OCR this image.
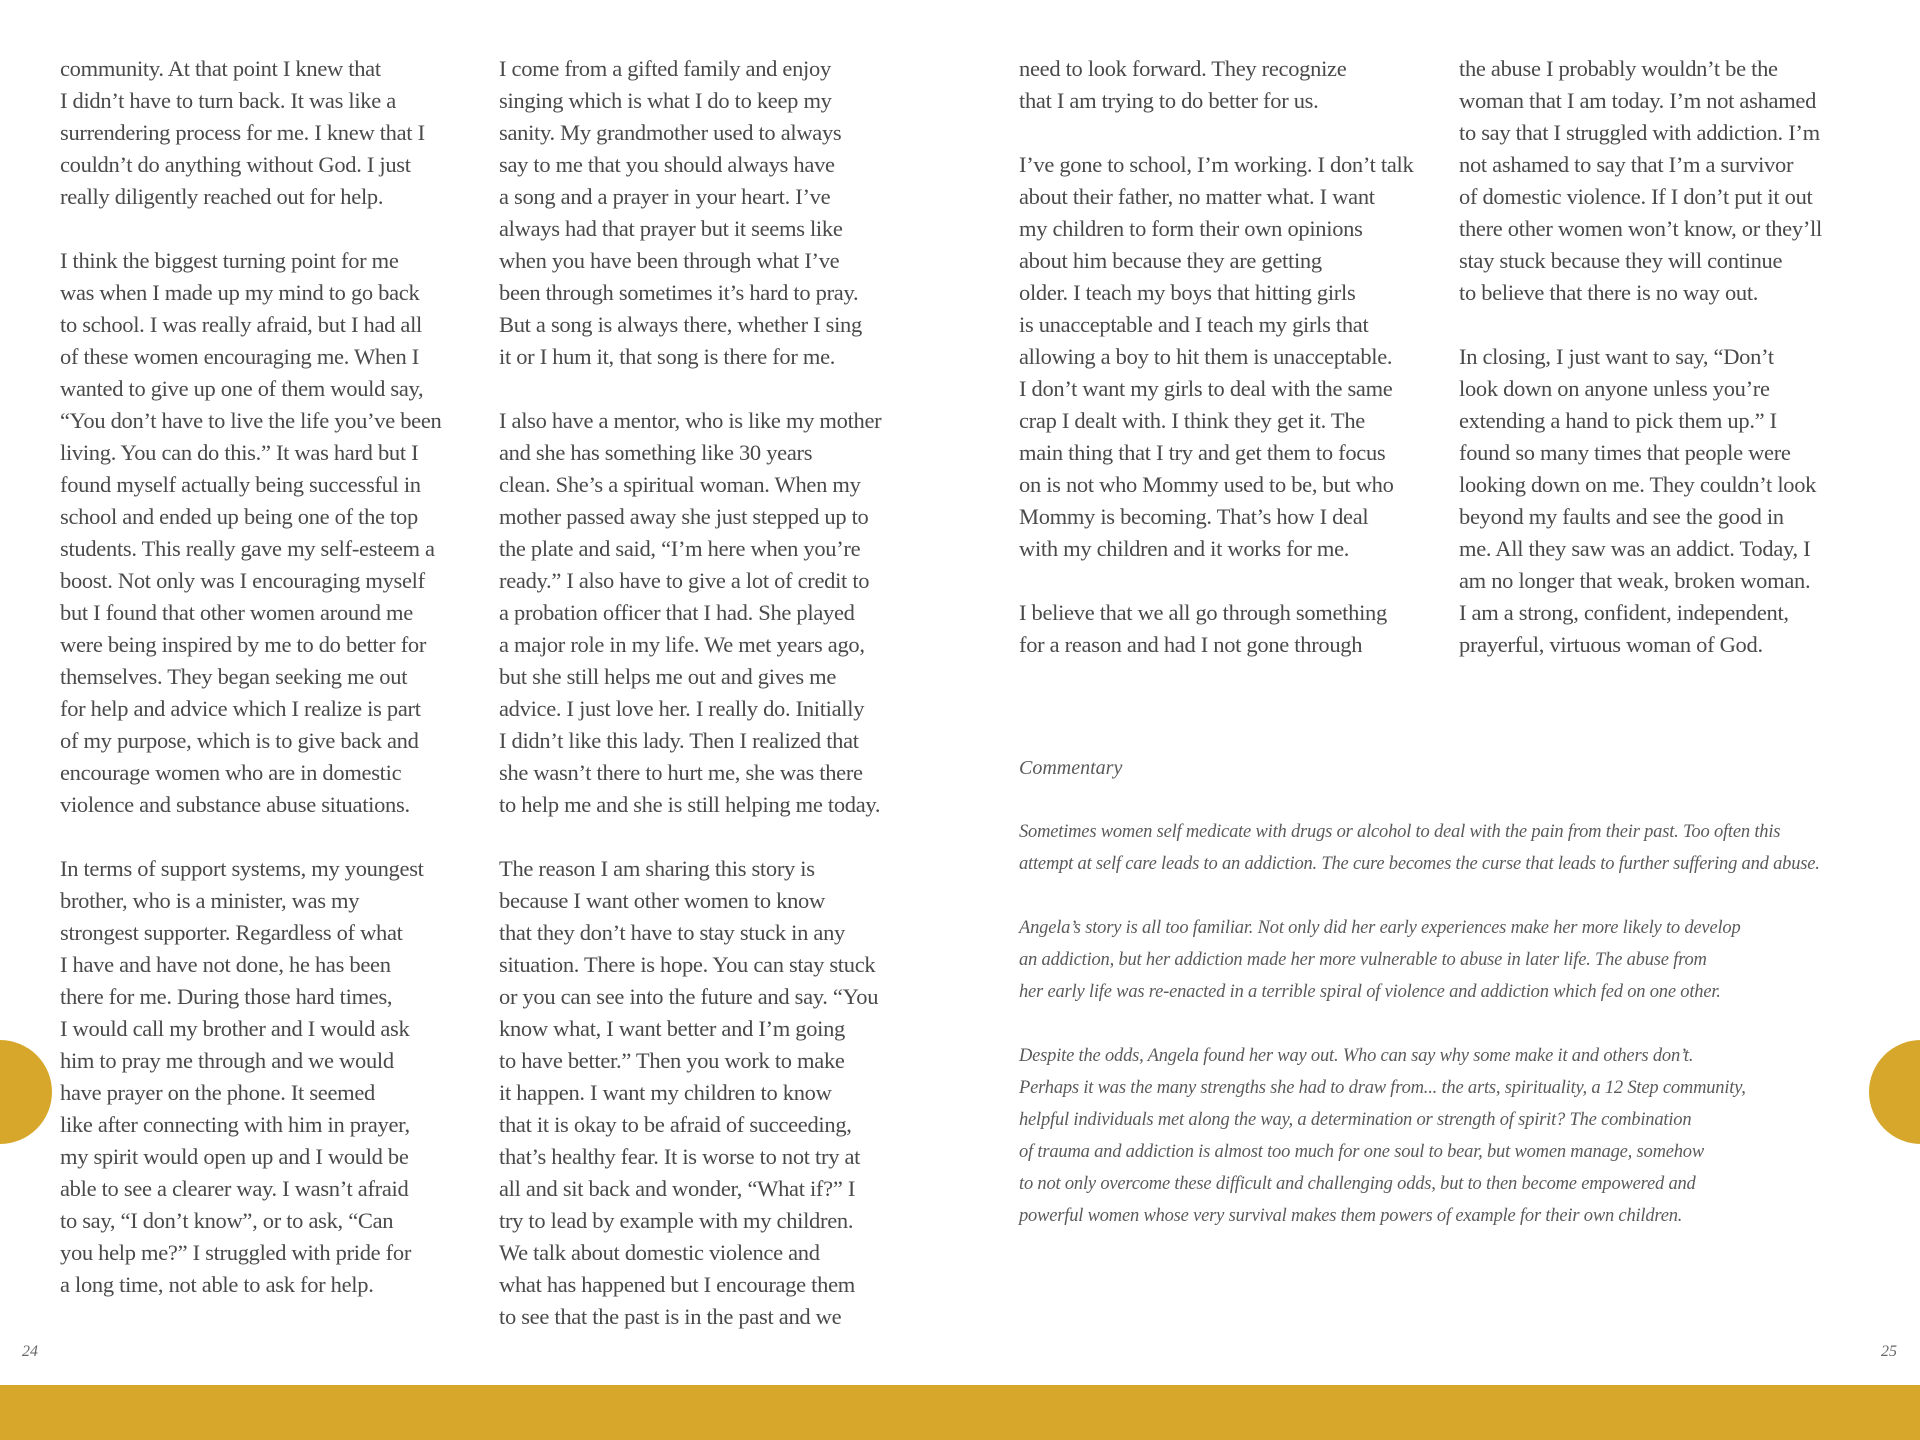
community. At that point I knew that
I didn’t have to turn back. It was like a
surrendering process for me. I knew that I
couldn’t do anything without God. I just
really diligently reached out for help.

I think the biggest turning point for me
was when I made up my mind to go back
to school. I was really afraid, but I had all
of these women encouraging me. When I
wanted to give up one of them would say,
“You don’t have to live the life you’ve been
living. You can do this.” It was hard but I
found myself actually being successful in
school and ended up being one of the top
students. This really gave my self-esteem a
boost. Not only was I encouraging myself
but I found that other women around me
were being inspired by me to do better for
themselves. They began seeking me out
for help and advice which I realize is part
of my purpose, which is to give back and
encourage women who are in domestic
violence and substance abuse situations.

In terms of support systems, my youngest
brother, who is a minister, was my
strongest supporter. Regardless of what
I have and have not done, he has been
there for me. During those hard times,
I would call my brother and I would ask
him to pray me through and we would
have prayer on the phone. It seemed
like after connecting with him in prayer,
my spirit would open up and I would be
able to see a clearer way. I wasn’t afraid
to say, “I don’t know”, or to ask, “Can
you help me?” I struggled with pride for
a long time, not able to ask for help.

I come from a gifted family and enjoy
singing which is what I do to keep my
sanity. My grandmother used to always
say to me that you should always have
a song and a prayer in your heart. I’ve
always had that prayer but it seems like
when you have been through what I’ve
been through sometimes it’s hard to pray.
But a song is always there, whether I sing
it or I hum it, that song is there for me.

I also have a mentor, who is like my mother
and she has something like 30 years
clean. She’s a spiritual woman. When my
mother passed away she just stepped up to
the plate and said, “I’m here when you’re
ready.” I also have to give a lot of credit to
a probation officer that I had. She played
a major role in my life. We met years ago,
but she still helps me out and gives me
advice. I just love her. I really do. Initially
I didn’t like this lady. Then I realized that
she wasn’t there to hurt me, she was there
to help me and she is still helping me today.

The reason I am sharing this story is
because I want other women to know
that they don’t have to stay stuck in any
situation. There is hope. You can stay stuck
or you can see into the future and say. “You
know what, I want better and I’m going
to have better.” Then you work to make
it happen. I want my children to know
that it is okay to be afraid of succeeding,
that’s healthy fear. It is worse to not try at
all and sit back and wonder, “What if?” I
try to lead by example with my children.
We talk about domestic violence and
what has happened but I encourage them
to see that the past is in the past and we

need to look forward. They recognize
that I am trying to do better for us.

I’ve gone to school, I’m working. I don’t talk
about their father, no matter what. I want
my children to form their own opinions
about him because they are getting
older. I teach my boys that hitting girls
is unacceptable and I teach my girls that
allowing a boy to hit them is unacceptable.
I don’t want my girls to deal with the same
crap I dealt with. I think they get it. The
main thing that I try and get them to focus
on is not who Mommy used to be, but who
Mommy is becoming. That’s how I deal
with my children and it works for me.

I believe that we all go through something
for a reason and had I not gone through

the abuse I probably wouldn’t be the
woman that I am today. I’m not ashamed
to say that I struggled with addiction. I’m
not ashamed to say that I’m a survivor
of domestic violence. If I don’t put it out
there other women won’t know, or they’ll
stay stuck because they will continue
to believe that there is no way out.

In closing, I just want to say, “Don’t
look down on anyone unless you’re
extending a hand to pick them up.” I
found so many times that people were
looking down on me. They couldn’t look
beyond my faults and see the good in
me. All they saw was an addict. Today, I
am no longer that weak, broken woman.
I am a strong, confident, independent,
prayerful, virtuous woman of God.

Commentary

Sometimes women self medicate with drugs or alcohol to deal with the pain from their past. Too often this
attempt at self care leads to an addiction. The cure becomes the curse that leads to further suffering and abuse.

Angela’s story is all too familiar. Not only did her early experiences make her more likely to develop
an addiction, but her addiction made her more vulnerable to abuse in later life. The abuse from
her early life was re-enacted in a terrible spiral of violence and addiction which fed on one other.

Despite the odds, Angela found her way out. Who can say why some make it and others don’t.
Perhaps it was the many strengths she had to draw from... the arts, spirituality, a 12 Step community,
helpful individuals met along the way, a determination or strength of spirit? The combination
of trauma and addiction is almost too much for one soul to bear, but women manage, somehow
to not only overcome these difficult and challenging odds, but to then become empowered and
powerful women whose very survival makes them powers of example for their own children.

24	25
